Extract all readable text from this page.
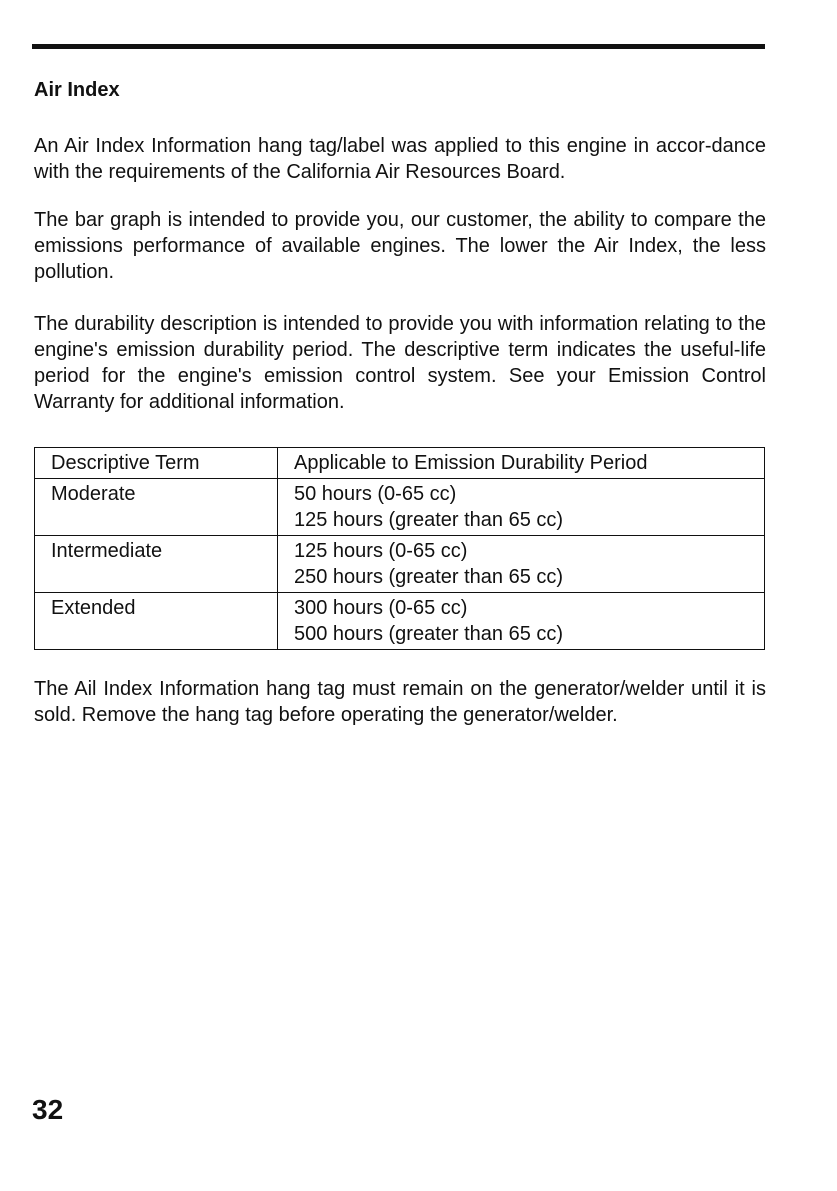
Air Index

An Air Index Information hang tag/label was applied to this engine in accor-dance with the requirements of the California Air Resources Board.

The bar graph is intended to provide you, our customer, the ability to compare the emissions performance of available engines. The lower the Air Index, the less pollution.

The durability description is intended to provide you with information relating to the engine's emission durability period. The descriptive term indicates the useful-life period for the engine's emission control system. See your Emission Control Warranty for additional information.

Descriptive Term	Applicable to Emission Durability Period
Moderate	50 hours (0-65 cc)
125 hours (greater than 65 cc)

Intermediate	125 hours (0-65 cc)
250 hours (greater than 65 cc)

Extended	300 hours (0-65 cc)
500 hours (greater than 65 cc)

The Ail Index Information hang tag must remain on the generator/welder until it is sold. Remove the hang tag before operating the generator/welder.

32
